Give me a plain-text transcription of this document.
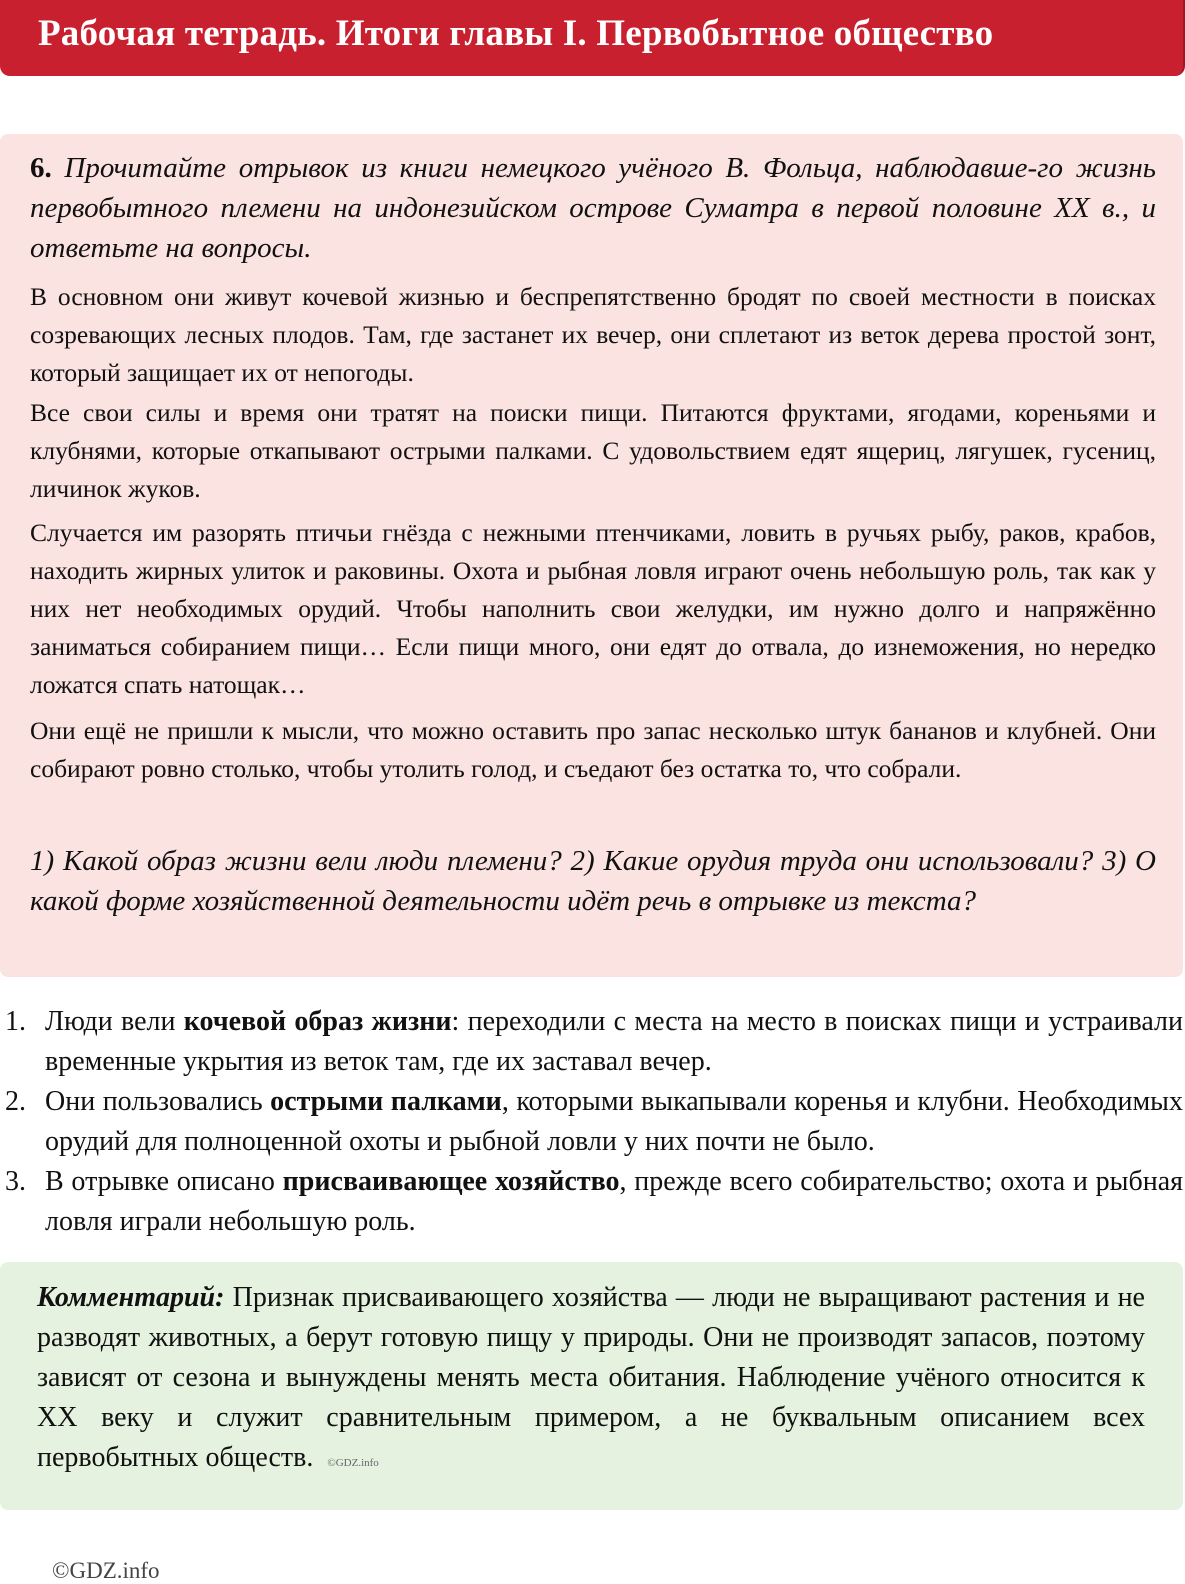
Рабочая тетрадь. Итоги главы I. Первобытное общество
6. Прочитайте отрывок из книги немецкого учёного В. Фольца, наблюдавше-го жизнь первобытного племени на индонезийском острове Суматра в первой половине XX в., и ответьте на вопросы.
В основном они живут кочевой жизнью и беспрепятственно бродят по своей местности в поисках созревающих лесных плодов. Там, где застанет их вечер, они сплетают из веток дерева простой зонт, который защищает их от непогоды.
Все свои силы и время они тратят на поиски пищи. Питаются фруктами, ягодами, кореньями и клубнями, которые откапывают острыми палками. С удовольствием едят ящериц, лягушек, гусениц, личинок жуков.
Случается им разорять птичьи гнёзда с нежными птенчиками, ловить в ручьях рыбу, раков, крабов, находить жирных улиток и раковины. Охота и рыбная ловля играют очень небольшую роль, так как у них нет необходимых орудий. Чтобы наполнить свои желудки, им нужно долго и напряжённо заниматься собиранием пищи… Если пищи много, они едят до отвала, до изнеможения, но нередко ложатся спать натощак…
Они ещё не пришли к мысли, что можно оставить про запас несколько штук бананов и клубней. Они собирают ровно столько, чтобы утолить голод, и съедают без остатка то, что собрали.
1) Какой образ жизни вели люди племени? 2) Какие орудия труда они использовали? 3) О какой форме хозяйственной деятельности идёт речь в отрывке из текста?
1. Люди вели кочевой образ жизни: переходили с места на место в поисках пищи и устраивали временные укрытия из веток там, где их заставал вечер.
2. Они пользовались острыми палками, которыми выкапывали коренья и клубни. Необходимых орудий для полноценной охоты и рыбной ловли у них почти не было.
3. В отрывке описано присваивающее хозяйство, прежде всего собирательство; охота и рыбная ловля играли небольшую роль.
Комментарий: Признак присваивающего хозяйства — люди не выращивают растения и не разводят животных, а берут готовую пищу у природы. Они не производят запасов, поэтому зависят от сезона и вынуждены менять места обитания. Наблюдение учёного относится к XX веку и служит сравнительным примером, а не буквальным описанием всех первобытных обществ. ©GDZ.info
©GDZ.info
